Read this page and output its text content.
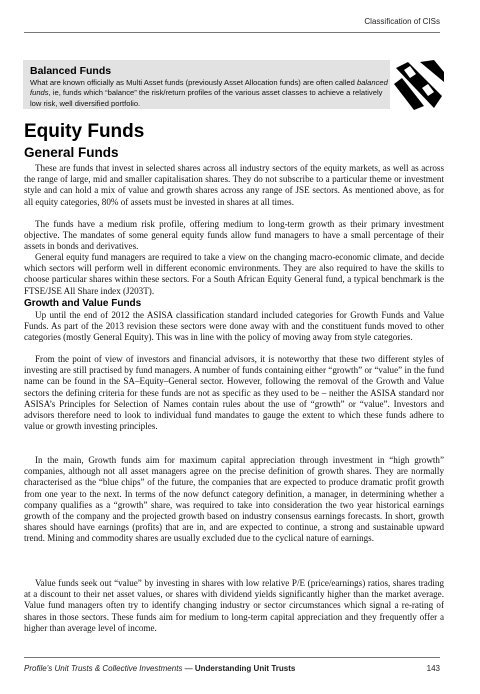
Classification of CISs
Balanced Funds
What are known officially as Multi Asset funds (previously Asset Allocation funds) are often called balanced funds, ie, funds which “balance” the risk/return profiles of the various asset classes to achieve a relatively low risk, well diversified portfolio.
Equity Funds
General Funds

These are funds that invest in selected shares across all industry sectors of the equity markets, as well as across the range of large, mid and smaller capitalisation shares. They do not subscribe to a particular theme or investment style and can hold a mix of value and growth shares across any range of JSE sectors. As mentioned above, as for all equity categories, 80% of assets must be invested in shares at all times.

The funds have a medium risk profile, offering medium to long-term growth as their primary investment objective. The mandates of some general equity funds allow fund managers to have a small percentage of their assets in bonds and derivatives.

General equity fund managers are required to take a view on the changing macro-economic climate, and decide which sectors will perform well in different economic environments. They are also required to have the skills to choose particular shares within these sectors. For a South African Equity General fund, a typical benchmark is the FTSE/JSE All Share index (J203T).

Growth and Value Funds

Up until the end of 2012 the ASISA classification standard included categories for Growth Funds and Value Funds. As part of the 2013 revision these sectors were done away with and the constituent funds moved to other categories (mostly General Equity). This was in line with the policy of moving away from style categories.

From the point of view of investors and financial advisors, it is noteworthy that these two different styles of investing are still practised by fund managers. A number of funds containing either “growth” or “value” in the fund name can be found in the SA–Equity–General sector. However, following the removal of the Growth and Value sectors the defining criteria for these funds are not as specific as they used to be – neither the ASISA standard nor ASISA’s Principles for Selection of Names contain rules about the use of “growth” or “value”. Investors and advisors therefore need to look to individual fund mandates to gauge the extent to which these funds adhere to value or growth investing principles.

In the main, Growth funds aim for maximum capital appreciation through investment in “high growth” companies, although not all asset managers agree on the precise definition of growth shares. They are normally characterised as the “blue chips” of the future, the companies that are expected to produce dramatic profit growth from one year to the next. In terms of the now defunct category definition, a manager, in determining whether a company qualifies as a “growth” share, was required to take into consideration the two year historical earnings growth of the company and the projected growth based on industry consensus earnings forecasts. In short, growth shares should have earnings (profits) that are in, and are expected to continue, a strong and sustainable upward trend. Mining and commodity shares are usually excluded due to the cyclical nature of earnings.

Value funds seek out “value” by investing in shares with low relative P/E (price/earnings) ratios, shares trading at a discount to their net asset values, or shares with dividend yields significantly higher than the market average. Value fund managers often try to identify changing industry or sector circumstances which signal a re-rating of shares in those sectors. These funds aim for medium to long-term capital appreciation and they frequently offer a higher than average level of income.

Profile’s Unit Trusts & Collective Investments — Understanding Unit Trusts	143
